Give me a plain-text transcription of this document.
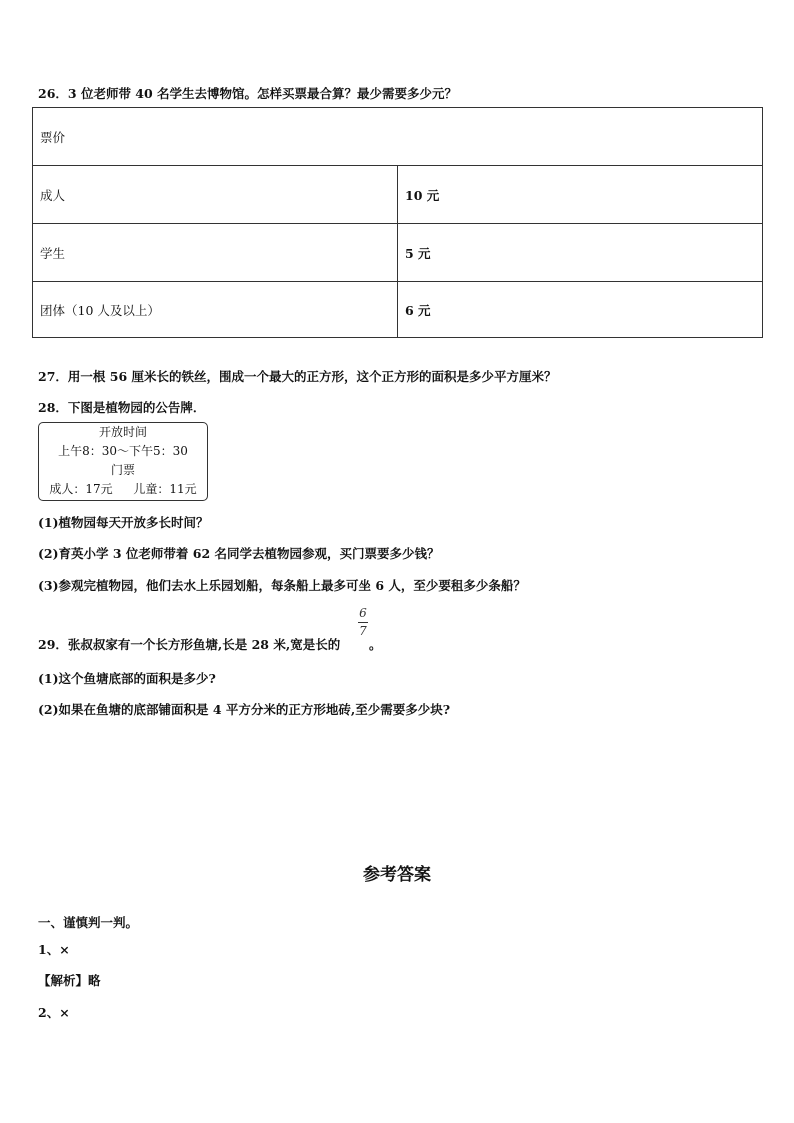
26．3 位老师带 40 名学生去博物馆。怎样买票最合算？最少需要多少元？
票价	
成人	10 元
学生	5 元
团体（10 人及以上）	6 元
27．用一根 56 厘米长的铁丝，围成一个最大的正方形，这个正方形的面积是多少平方厘米？
28．下图是植物园的公告牌．
开放时间
上午8：30～下午5：30
门票
成人：17元 儿童：11元
(1)植物园每天开放多长时间？
(2)育英小学 3 位老师带着 62 名同学去植物园参观，买门票要多少钱？
(3)参观完植物园，他们去水上乐园划船，每条船上最多可坐 6 人，至少要租多少条船？
29．张叔叔家有一个长方形鱼塘,长是 28 米,宽是长的
6
7
。
(1)这个鱼塘底部的面积是多少?
(2)如果在鱼塘的底部铺面积是 4 平方分米的正方形地砖,至少需要多少块?
参考答案
一、谨慎判一判。
1、×
【解析】略
2、×
